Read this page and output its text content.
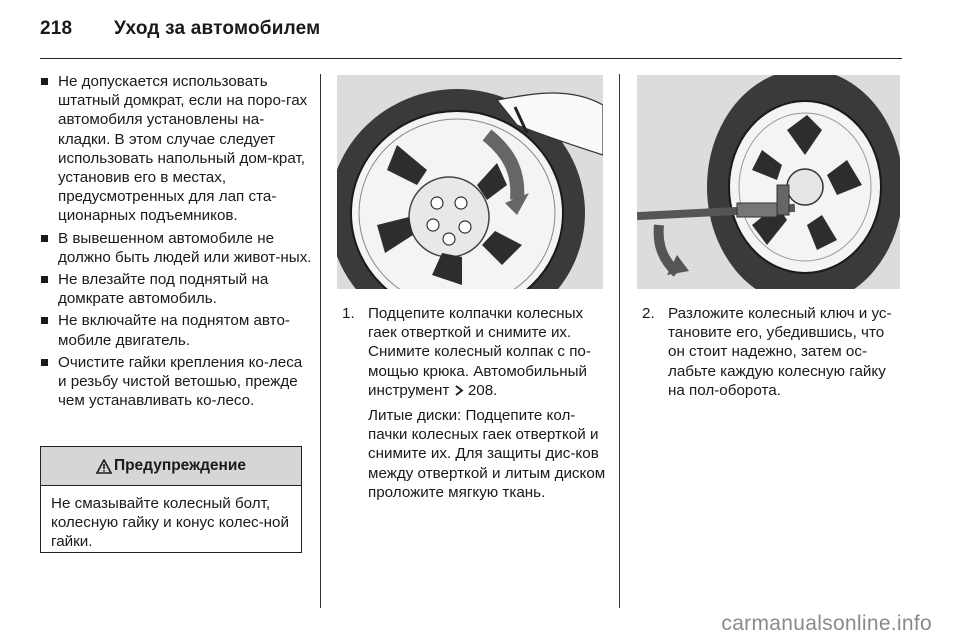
218 Уход за автомобилем
Не допускается использовать штатный домкрат, если на поро-гах автомобиля установлены на-кладки. В этом случае следует использовать напольный дом-крат, установив его в местах, предусмотренных для лап ста-ционарных подъемников.
В вывешенном автомобиле не должно быть людей или живот-ных.
Не влезайте под поднятый на домкрате автомобиль.
Не включайте на поднятом авто-мобиле двигатель.
Очистите гайки крепления ко-леса и резьбу чистой ветошью, прежде чем устанавливать ко-лесо.
Предупреждение
Не смазывайте колесный болт, колесную гайку и конус колес-ной гайки.
1. Подцепите колпачки колесных гаек отверткой и снимите их. Снимите колесный колпак с по-мощью крюка. Автомобильный инструмент 208.

Литые диски: Подцепите кол-пачки колесных гаек отверткой и снимите их. Для защиты дис-ков между отверткой и литым диском проложите мягкую ткань.

2. Разложите колесный ключ и ус-тановите его, убедившись, что он стоит надежно, затем ос-лабьте каждую колесную гайку на пол-оборота.

carmanualsonline.info
